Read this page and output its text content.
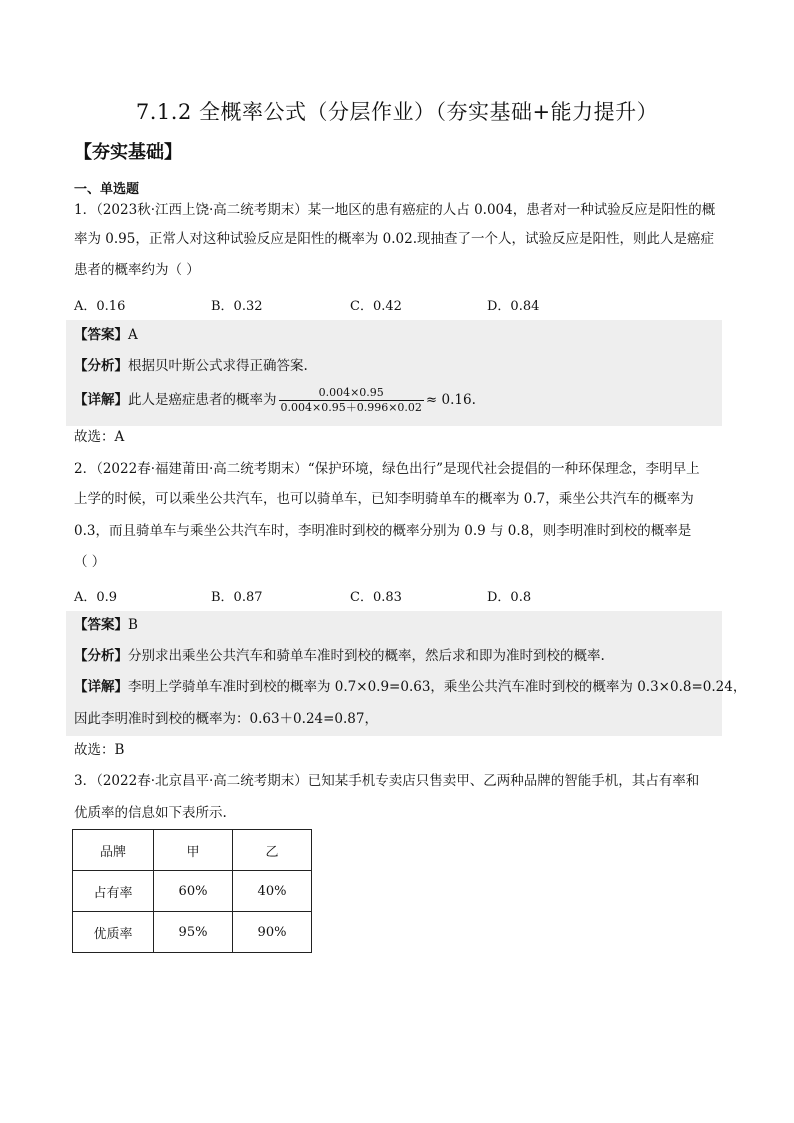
7.1.2 全概率公式（分层作业）（夯实基础+能力提升）
【夯实基础】
一、单选题
1．（2023秋·江西上饶·高二统考期末）某一地区的患有癌症的人占 0.004，患者对一种试验反应是阳性的概
率为 0.95，正常人对这种试验反应是阳性的概率为 0.02.现抽查了一个人，试验反应是阳性，则此人是癌症
患者的概率约为（ ）
A．0.16	B．0.32	C．0.42	D．0.84
【答案】A
【分析】根据贝叶斯公式求得正确答案.
【详解】此人是癌症患者的概率为 $\frac{0.004\times 0.95}{0.004\times 0.95+0.996\times 0.02} \approx 0.16$.
故选：A
2．（2022春·福建莆田·高二统考期末）“保护环境，绿色出行”是现代社会提倡的一种环保理念，李明早上
上学的时候，可以乘坐公共汽车，也可以骑单车，已知李明骑单车的概率为 0.7，乘坐公共汽车的概率为
0.3，而且骑单车与乘坐公共汽车时，李明准时到校的概率分别为 0.9 与 0.8，则李明准时到校的概率是
（ ）
A．0.9	B．0.87	C．0.83	D．0.8
【答案】B
【分析】分别求出乘坐公共汽车和骑单车准时到校的概率，然后求和即为准时到校的概率.
【详解】李明上学骑单车准时到校的概率为 0.7×0.9=0.63，乘坐公共汽车准时到校的概率为 0.3×0.8=0.24，
因此李明准时到校的概率为：0.63＋0.24=0.87，
故选：B
3．（2022春·北京昌平·高二统考期末）已知某手机专卖店只售卖甲、乙两种品牌的智能手机，其占有率和
优质率的信息如下表所示.
品牌	甲	乙
占有率	60%	40%
优质率	95%	90%
